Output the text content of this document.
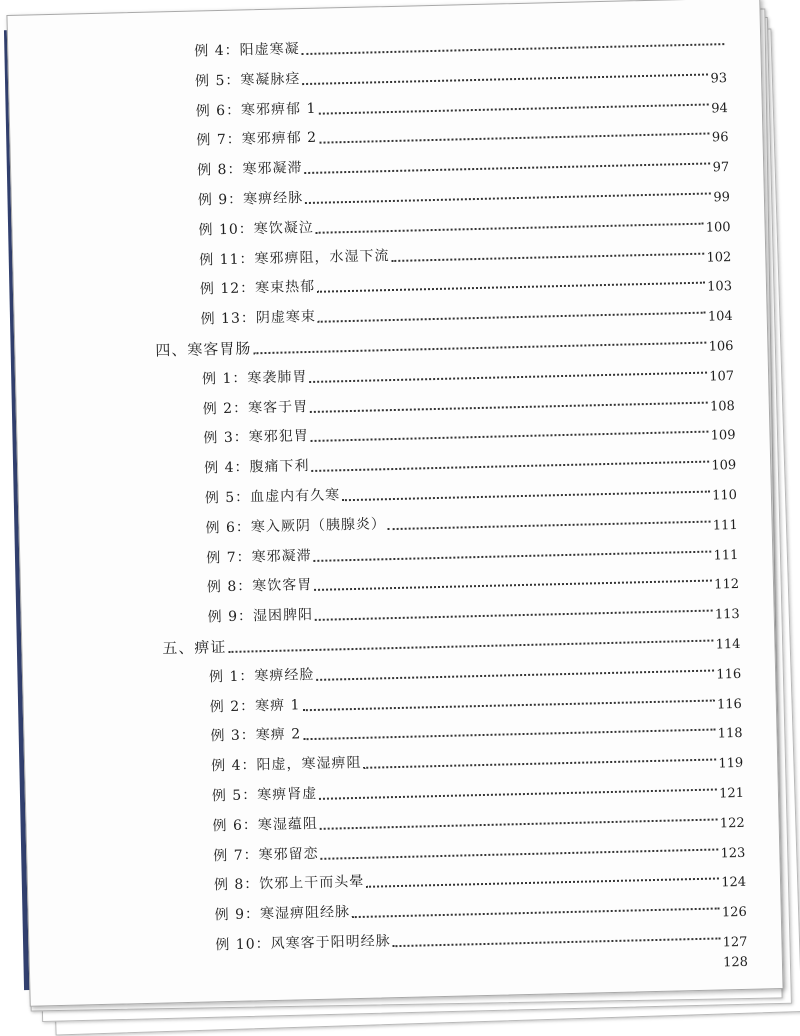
例 4：阳虚寒凝
例 5：寒凝脉痉	93
例 6：寒邪痹郁 1	94
例 7：寒邪痹郁 2	96
例 8：寒邪凝滞	97
例 9：寒痹经脉	99
例 10：寒饮凝泣	100
例 11：寒邪痹阻，水湿下流	102
例 12：寒束热郁	103
例 13：阴虚寒束	104
四、寒客胃肠	106
例 1：寒袭肺胃	107
例 2：寒客于胃	108
例 3：寒邪犯胃	109
例 4：腹痛下利	109
例 5：血虚内有久寒	110
例 6：寒入厥阴（胰腺炎）	111
例 7：寒邪凝滞	111
例 8：寒饮客胃	112
例 9：湿困脾阳	113
五、痹证	114
例 1：寒痹经脸	116
例 2：寒痹 1	116
例 3：寒痹 2	118
例 4：阳虚，寒湿痹阻	119
例 5：寒痹肾虚	121
例 6：寒湿蕴阻	122
例 7：寒邪留恋	123
例 8：饮邪上干而头晕	124
例 9：寒湿痹阻经脉	126
例 10：风寒客于阳明经脉	127
128
